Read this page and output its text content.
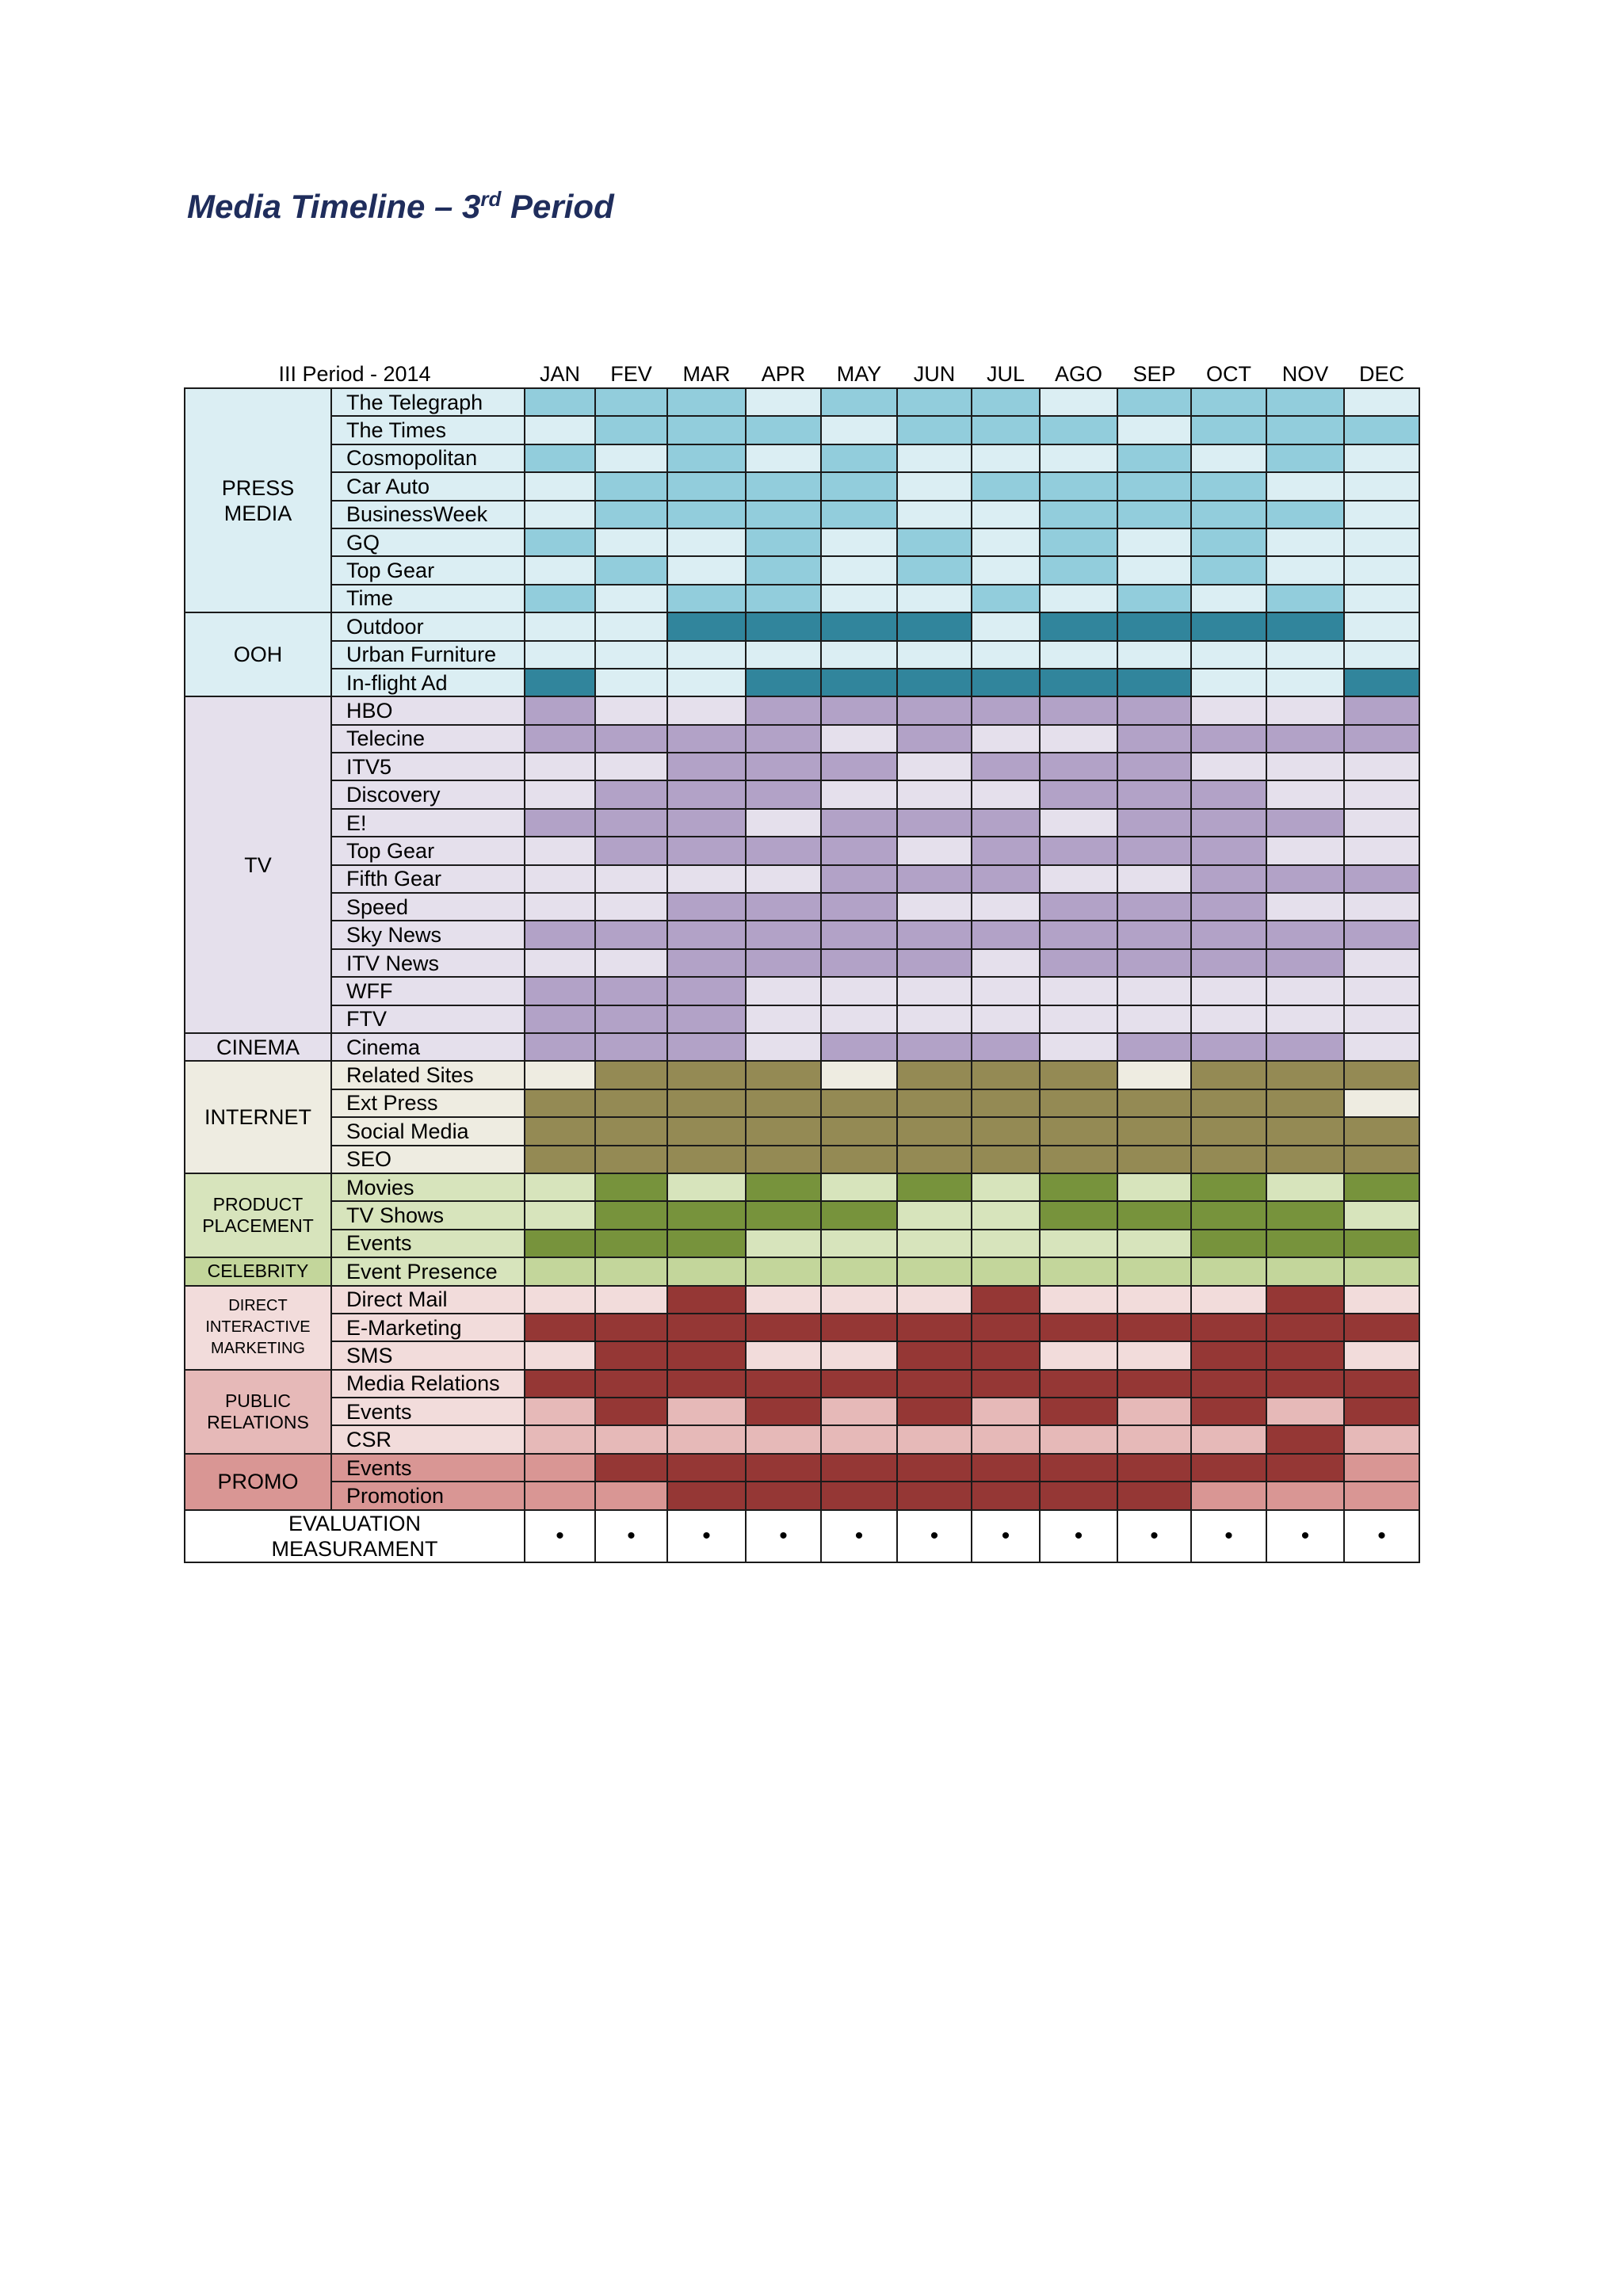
Media Timeline – 3rd Period
III Period - 2014		JAN	FEV	MAR	APR	MAY	JUN	JUL	AGO	SEP	OCT	NOV	DEC
PRESS
MEDIA	The Telegraph												
	The Times												
	Cosmopolitan												
	Car Auto												
	BusinessWeek												
	GQ												
	Top Gear												
	Time												
OOH	Outdoor												
	Urban Furniture												
	In-flight Ad												
TV	HBO												
	Telecine												
	ITV5												
	Discovery												
	E!												
	Top Gear												
	Fifth Gear												
	Speed												
	Sky News												
	ITV News												
	WFF												
	FTV												
CINEMA	Cinema												
INTERNET	Related Sites												
	Ext Press												
	Social Media												
	SEO												
PRODUCT
PLACEMENT	Movies												
	TV Shows												
	Events												
CELEBRITY	Event Presence												
DIRECT
INTERACTIVE
MARKETING	Direct Mail												
	E-Marketing												
	SMS												
PUBLIC
RELATIONS	Media Relations												
	Events												
	CSR												
PROMO	Events												
	Promotion												
EVALUATION
MEASURAMENT		•	•	•	•	•	•	•	•	•	•	•	•
